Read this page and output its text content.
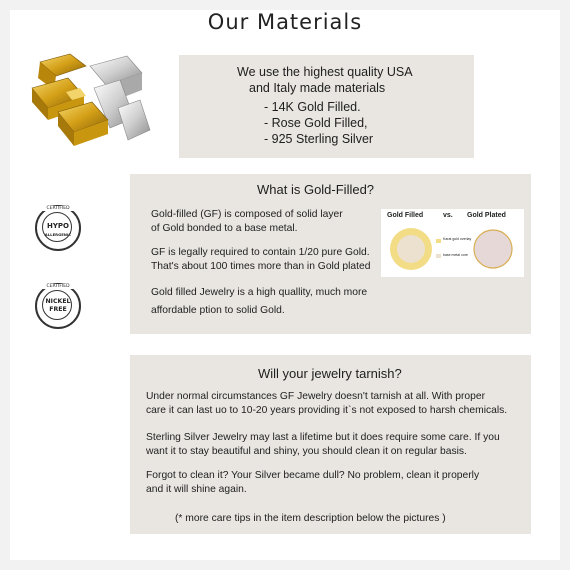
Our Materials
We use the highest quality USA
and Italy made materials
- 14K Gold Filled.
- Rose Gold Filled,
- 925 Sterling Silver
CERTIFIED
HYPO
ALLERGENIC
CERTIFIED
NICKEL
FREE
What is Gold-Filled?
Gold-filled (GF) is composed of solid layer
of Gold bonded to a base metal.
GF is legally required to contain 1/20 pure Gold.
That's about 100 times more than in Gold plated
Gold filled Jewelry is a high quallity, much more
affordable ption to solid Gold.
Gold Filled	vs. Gold Plated
Karat gold overlay
base metal core
Will your jewelry tarnish?
Under normal circumstances GF Jewelry doesn't tarnish at all. With proper
care it can last uo to 10-20 years providing it`s not exposed to harsh chemicals.
Sterling Silver Jewelry may last a lifetime but it does require some care. If you
want it to stay beautiful and shiny, you should clean it on regular basis.
Forgot to clean it? Your Silver became dull? No problem, clean it properly
and it will shine again.
(* more care tips in the item description below the pictures )
